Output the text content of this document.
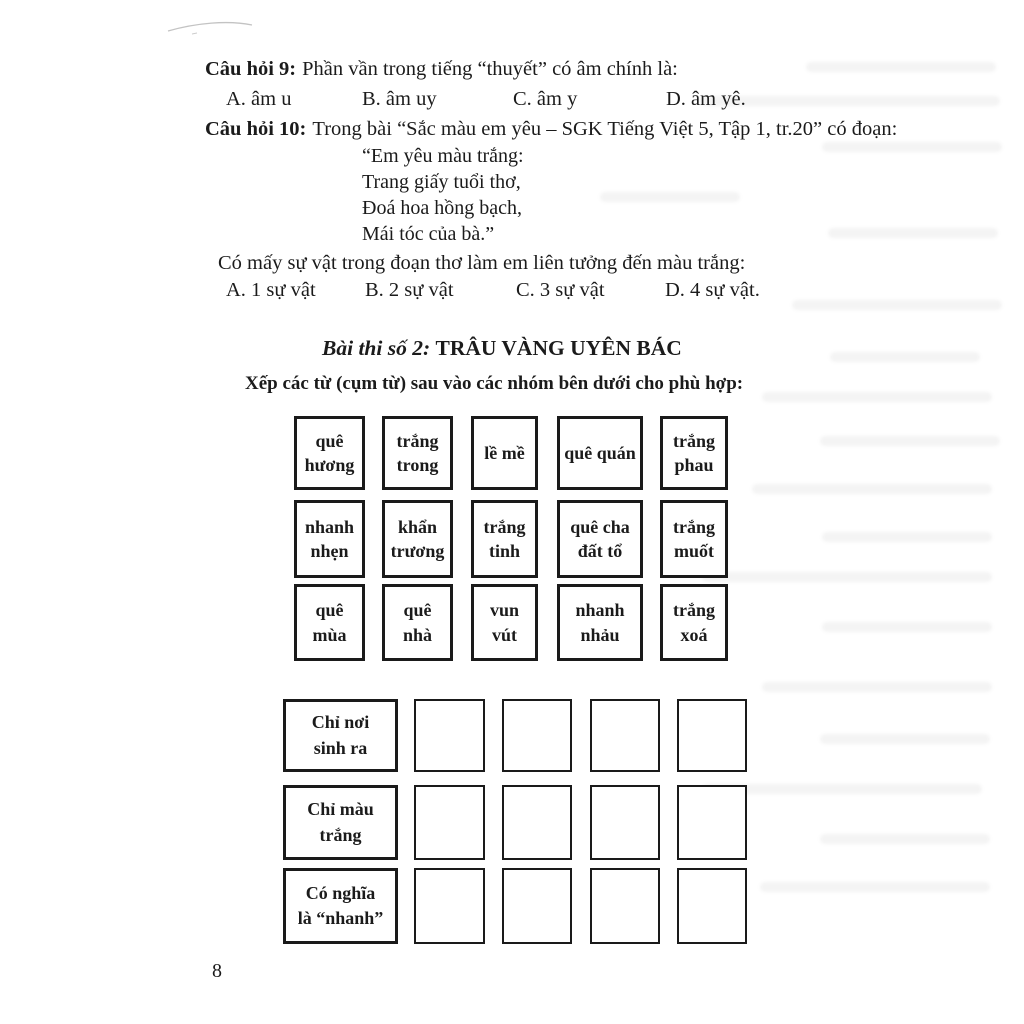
Câu hỏi 9: Phần vần trong tiếng “thuyết” có âm chính là:
A. âm u	B. âm uy	C. âm y	D. âm yê.
Câu hỏi 10: Trong bài “Sắc màu em yêu – SGK Tiếng Việt 5, Tập 1, tr.20” có đoạn:
“Em yêu màu trắng:
Trang giấy tuổi thơ,
Đoá hoa hồng bạch,
Mái tóc của bà.”
Có mấy sự vật trong đoạn thơ làm em liên tưởng đến màu trắng:
A. 1 sự vật B. 2 sự vật	C. 3 sự vật	D. 4 sự vật.
Bài thi số 2: TRÂU VÀNG UYÊN BÁC
Xếp các từ (cụm từ) sau vào các nhóm bên dưới cho phù hợp:
quê hương
trắng trong
lề mề	quê quán
trắng phau
nhanh nhẹn
khẩn trương
trắng tinh
quê cha đất tổ
trắng muốt
quê mùa
quê nhà
vun vút
nhanh nhảu
trắng xoá
Chỉ nơi sinh ra
Chỉ màu trắng
Có nghĩa là “nhanh”
8
